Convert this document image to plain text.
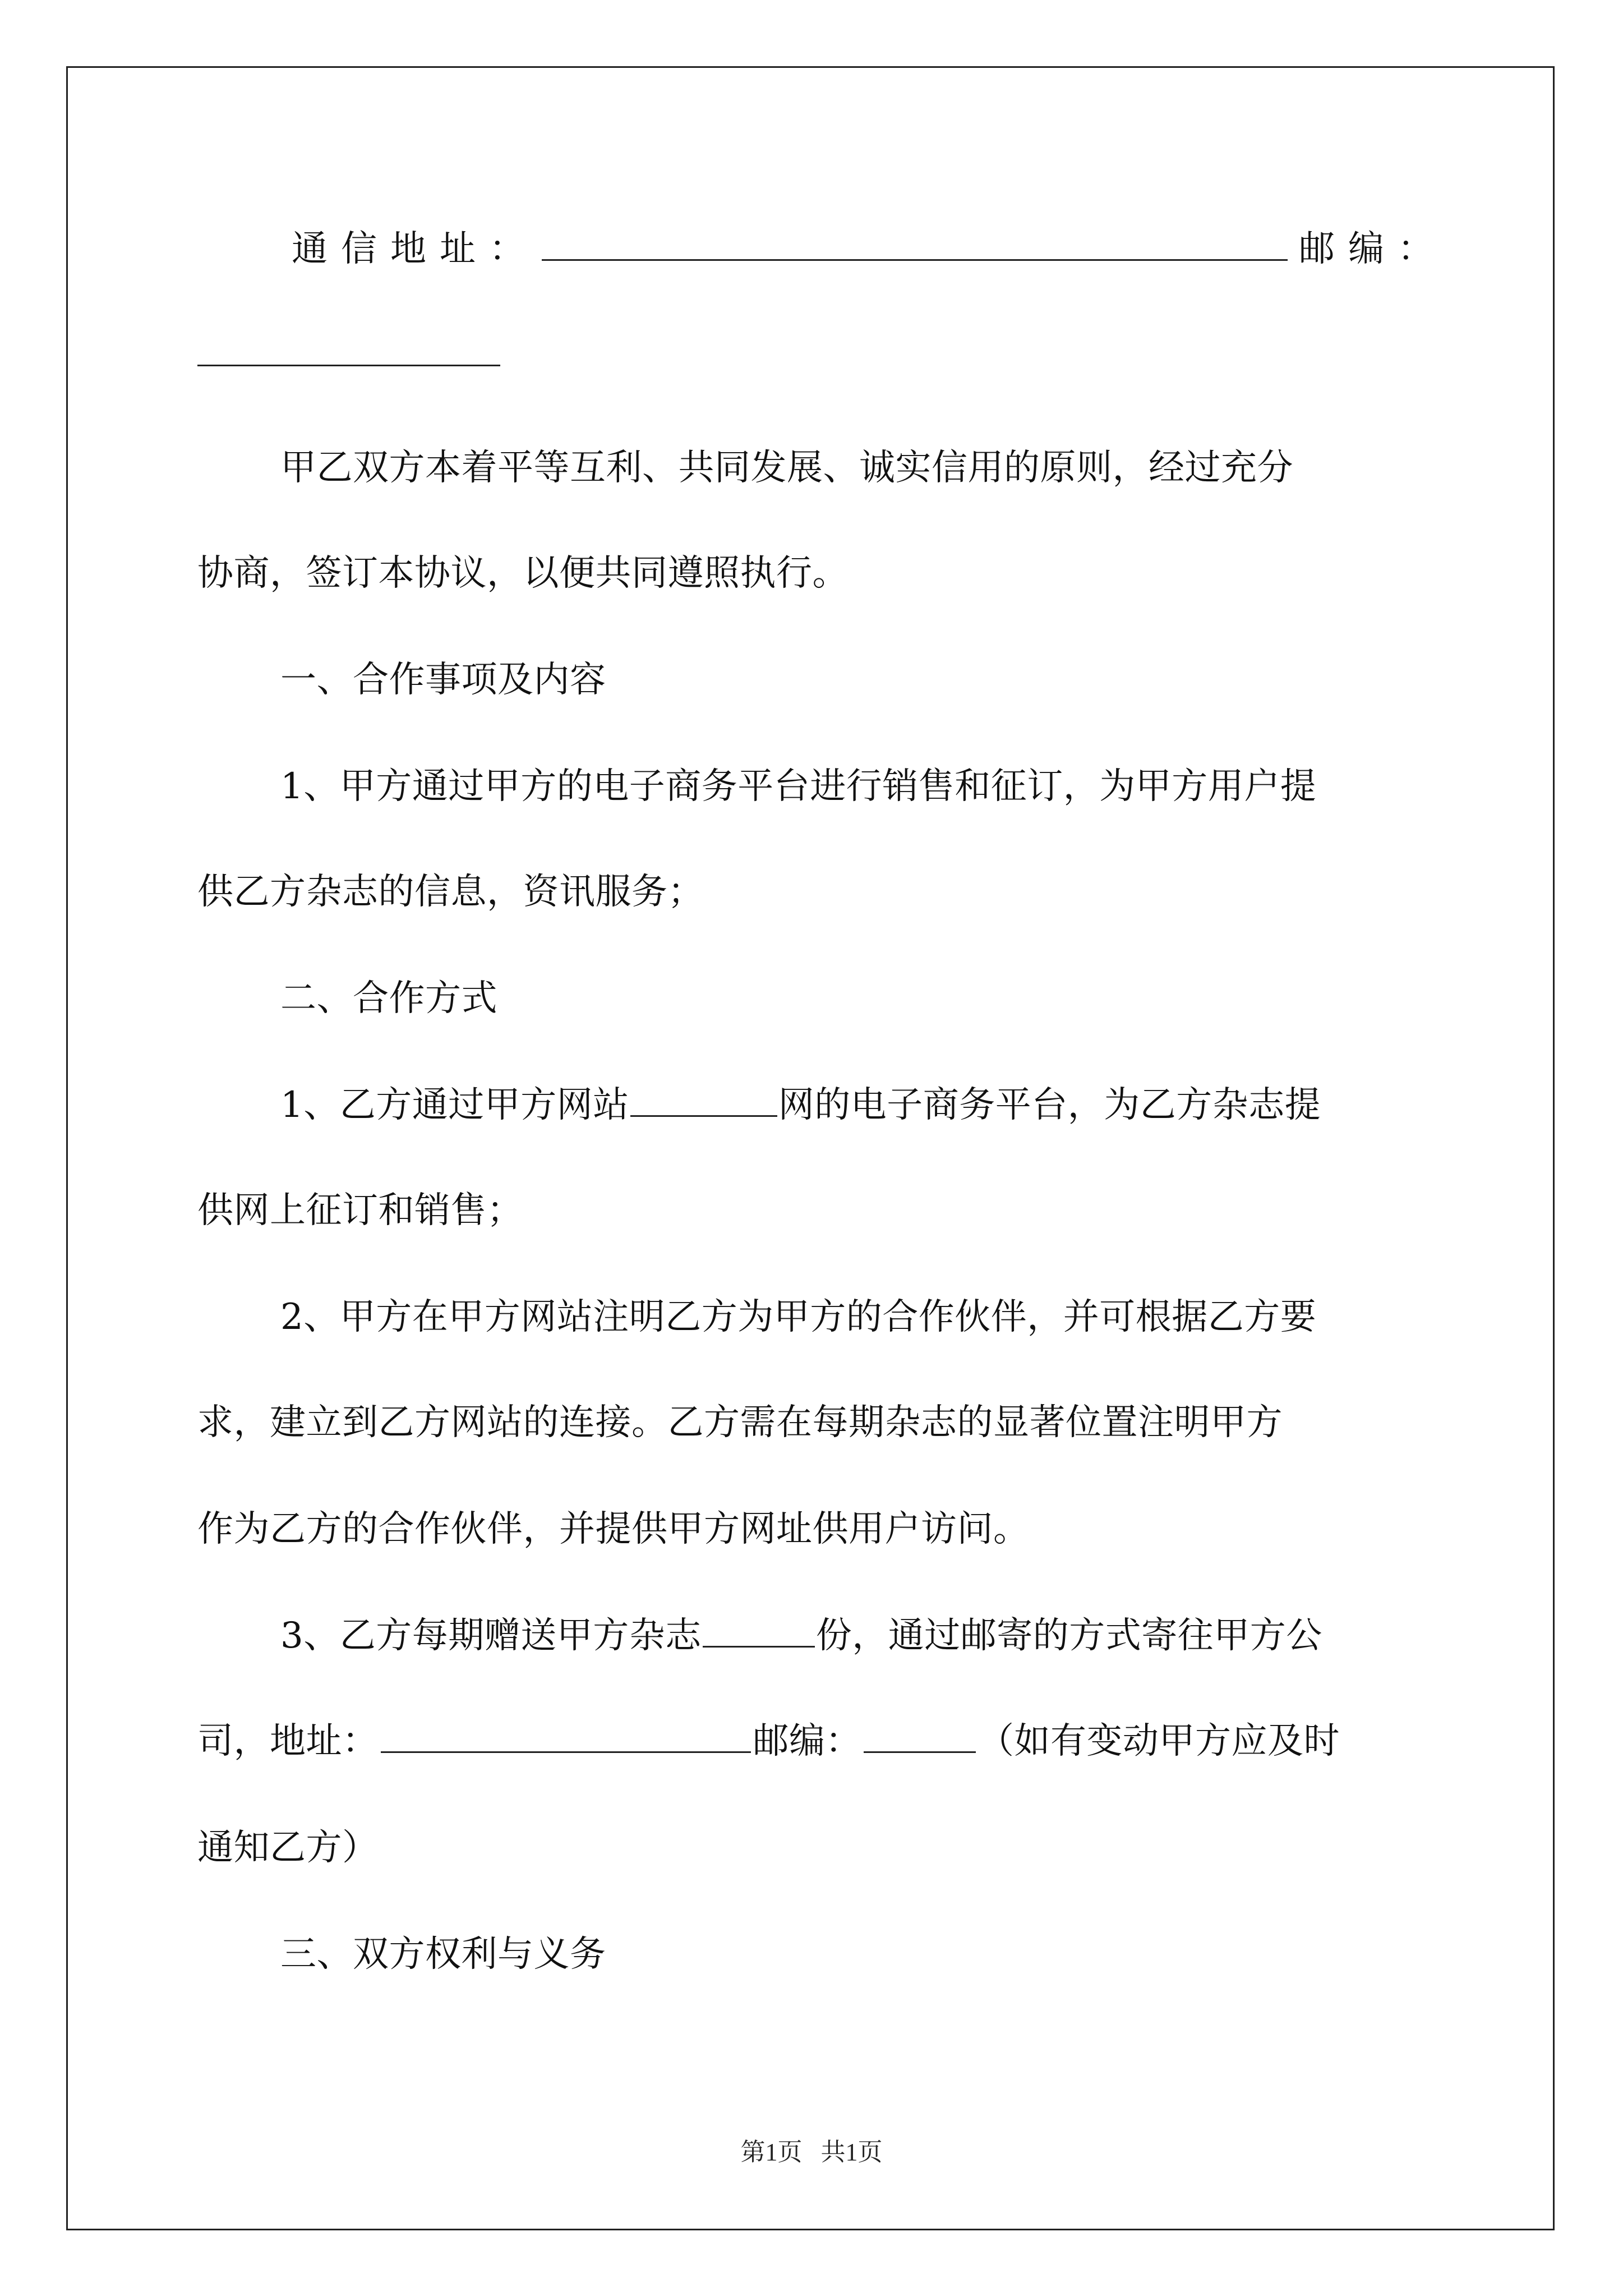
通信地址：	邮编：
甲乙双方本着平等互利、共同发展、诚实信用的原则，经过充分
协商，签订本协议，以便共同遵照执行。
一、合作事项及内容
1、甲方通过甲方的电子商务平台进行销售和征订，为甲方用户提
供乙方杂志的信息，资讯服务；
二、合作方式
1、乙方通过甲方网站	网的电子商务平台，为乙方杂志提
供网上征订和销售；
2、甲方在甲方网站注明乙方为甲方的合作伙伴，并可根据乙方要
求，建立到乙方网站的连接。乙方需在每期杂志的显著位置注明甲方
作为乙方的合作伙伴，并提供甲方网址供用户访问。
3、乙方每期赠送甲方杂志	份，通过邮寄的方式寄往甲方公
司，地址：	邮编：	（如有变动甲方应及时
通知乙方）
三、双方权利与义务
第1页   共1页
